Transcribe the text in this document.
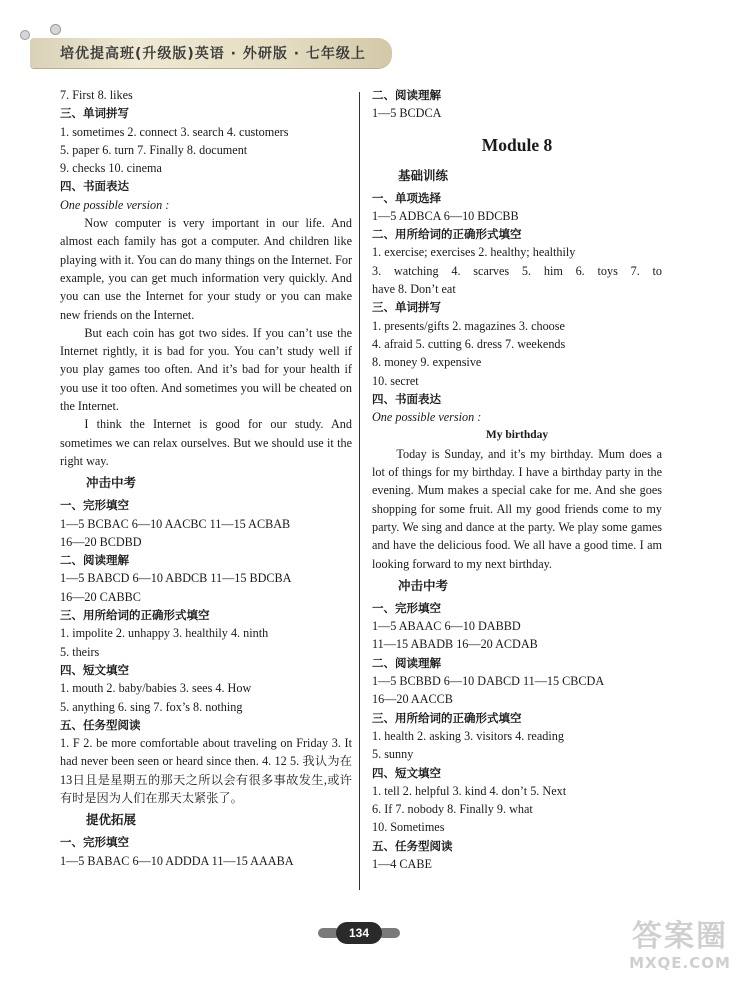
培优提高班(升级版)英语 · 外研版 · 七年级上
7. First 8. likes
三、单词拼写
1. sometimes 2. connect 3. search 4. customers
5. paper 6. turn 7. Finally 8. document
9. checks 10. cinema
四、书面表达
One possible version :

Now computer is very important in our life. And almost each family has got a computer. And children like playing with it. You can do many things on the Internet. For example, you can get much information very quickly. And you can use the Internet for your study or you can make new friends on the Internet.

But each coin has got two sides. If you can’t use the Internet rightly, it is bad for you. You can’t study well if you play games too often. And it’s bad for your health if you use it too often. And sometimes you will be cheated on the Internet.

I think the Internet is good for our study. And sometimes we can relax ourselves. But we should use it the right way.

冲击中考
一、完形填空
1—5 BCBAC 6—10 AACBC 11—15 ACBAB
16—20 BCDBD
二、阅读理解
1—5 BABCD 6—10 ABDCB 11—15 BDCBA
16—20 CABBC
三、用所给词的正确形式填空
1. impolite 2. unhappy 3. healthily 4. ninth
5. theirs
四、短文填空
1. mouth 2. baby/babies 3. sees 4. How
5. anything 6. sing 7. fox’s 8. nothing
五、任务型阅读

1. F 2. be more comfortable about traveling on Friday 3. It had never been seen or heard since then. 4. 12 5. 我认为在13日且是星期五的那天之所以会有很多事故发生,或许有时是因为人们在那天太紧张了。

提优拓展
一、完形填空
1—5 BABAC 6—10 ADDDA 11—15 AAABA
二、阅读理解
1—5 BCDCA
Module 8
基础训练
一、单项选择
1—5 ADBCA 6—10 BDCBB
二、用所给词的正确形式填空
1. exercise; exercises 2. healthy; healthily
3. watching 4. scarves 5. him 6. toys 7. to
have 8. Don’t eat
三、单词拼写
1. presents/gifts 2. magazines 3. choose
4. afraid 5. cutting 6. dress 7. weekends
8. money 9. expensive
10. secret
四、书面表达
One possible version :
My birthday

Today is Sunday, and it’s my birthday. Mum does a lot of things for my birthday. I have a birthday party in the evening. Mum makes a special cake for me. And she goes shopping for some fruit. All my good friends come to my party. We sing and dance at the party. We play some games and have the delicious food. We all have a good time. I am looking forward to my next birthday.

冲击中考
一、完形填空
1—5 ABAAC 6—10 DABBD
11—15 ABADB 16—20 ACDAB
二、阅读理解
1—5 BCBBD 6—10 DABCD 11—15 CBCDA
16—20 AACCB
三、用所给词的正确形式填空
1. health 2. asking 3. visitors 4. reading
5. sunny
四、短文填空
1. tell 2. helpful 3. kind 4. don’t 5. Next
6. If 7. nobody 8. Finally 9. what
10. Sometimes
五、任务型阅读
1—4 CABE
134	答案圈
MXQE.COM
